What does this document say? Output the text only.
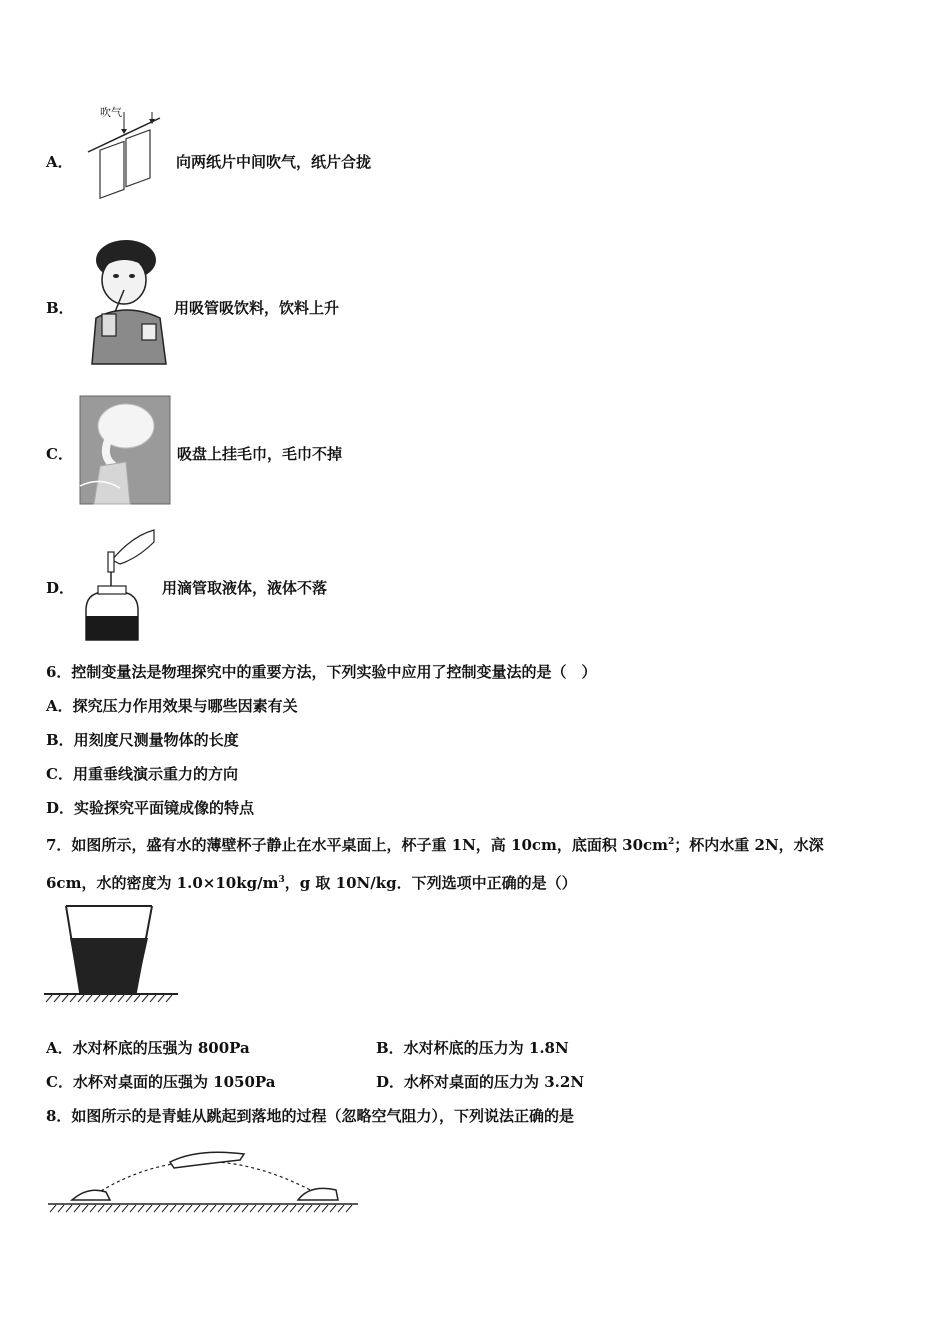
A．
吹气
向两纸片中间吹气，纸片合拢
B．	用吸管吸饮料，饮料上升
C．	吸盘上挂毛巾，毛巾不掉
D．	用滴管取液体，液体不落
6．控制变量法是物理探究中的重要方法，下列实验中应用了控制变量法的是（　）
A．探究压力作用效果与哪些因素有关
B．用刻度尺测量物体的长度
C．用重垂线演示重力的方向
D．实验探究平面镜成像的特点
7．如图所示，盛有水的薄壁杯子静止在水平桌面上，杯子重 1N，高 10cm，底面积 $30cm^2$；杯内水重 2N，水深
6cm，水的密度为 $1.0\times 10kg/m^3$，g 取 10N/kg．下列选项中正确的是（）
A．水对杯底的压强为 800Pa	B．水对杯底的压力为 1.8N
C．水杯对桌面的压强为 1050Pa	D．水杯对桌面的压力为 3.2N
8．如图所示的是青蛙从跳起到落地的过程（忽略空气阻力），下列说法正确的是
